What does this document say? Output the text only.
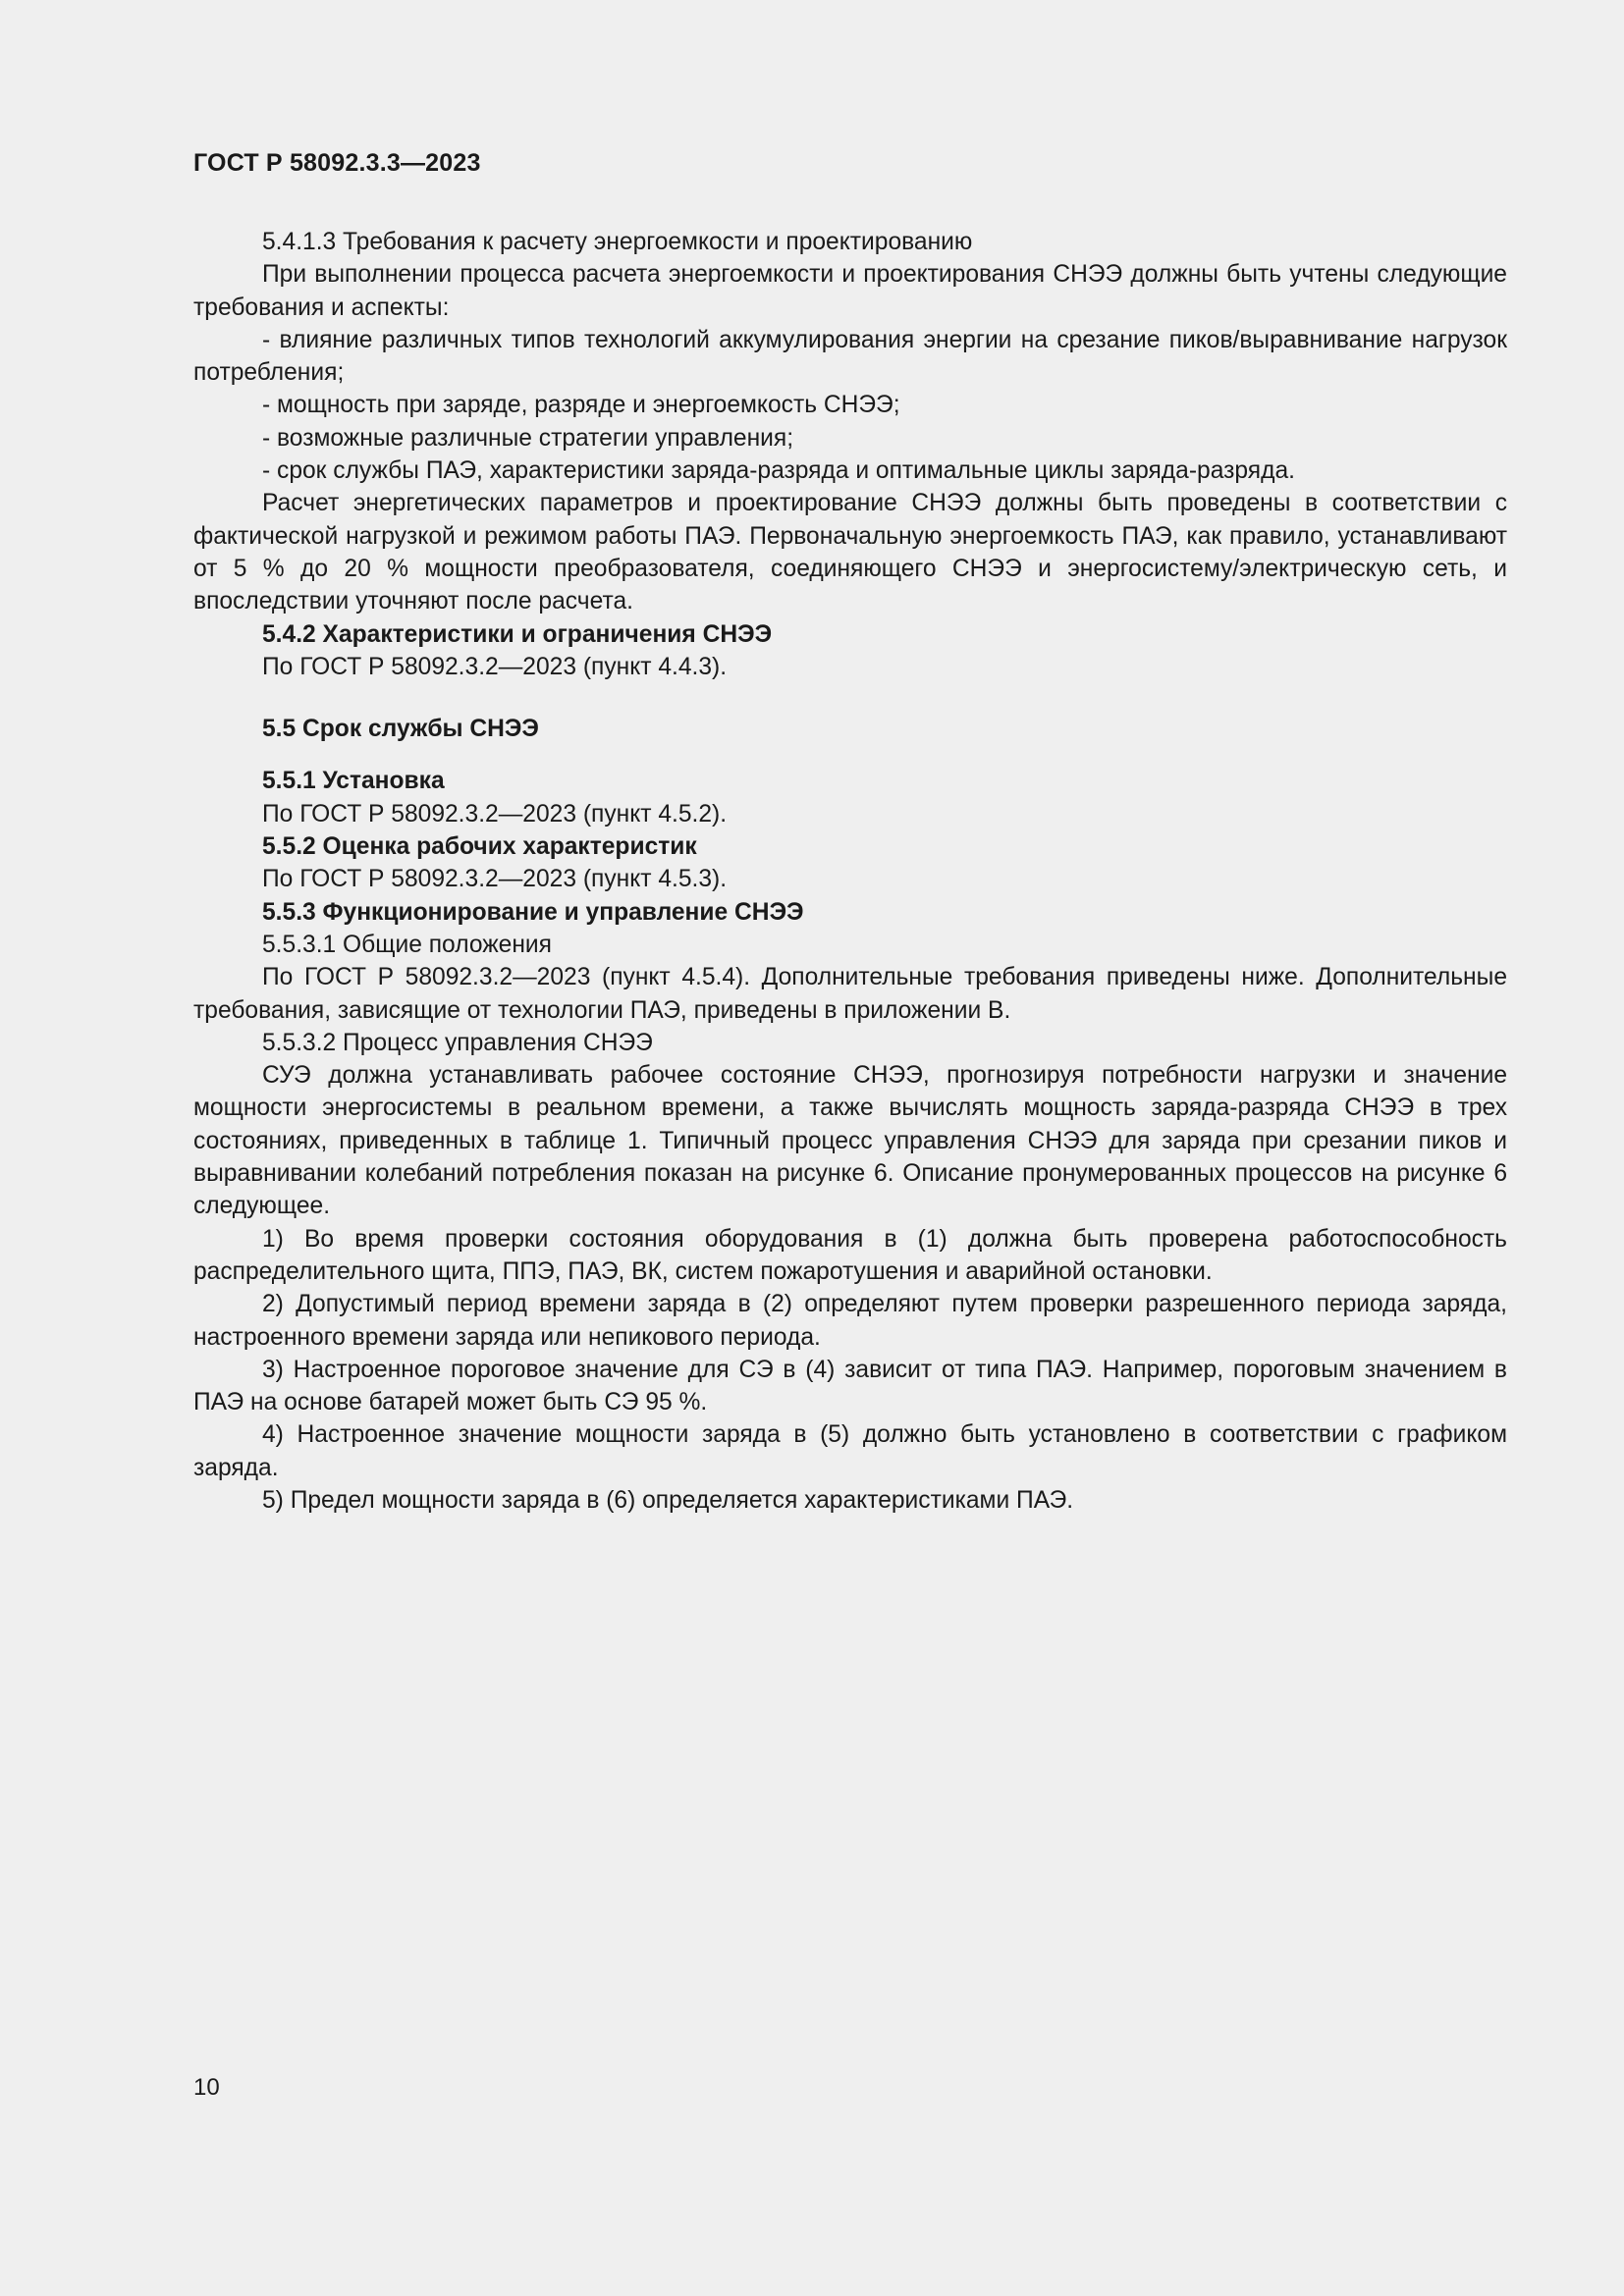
ГОСТ Р 58092.3.3—2023

5.4.1.3 Требования к расчету энергоемкости и проектированию

При выполнении процесса расчета энергоемкости и проектирования СНЭЭ должны быть учтены следующие требования и аспекты:

- влияние различных типов технологий аккумулирования энергии на срезание пиков/выравнивание нагрузок потребления;

- мощность при заряде, разряде и энергоемкость СНЭЭ;

- возможные различные стратегии управления;

- срок службы ПАЭ, характеристики заряда-разряда и оптимальные циклы заряда-разряда.

Расчет энергетических параметров и проектирование СНЭЭ должны быть проведены в соответствии с фактической нагрузкой и режимом работы ПАЭ. Первоначальную энергоемкость ПАЭ, как правило, устанавливают от 5 % до 20 % мощности преобразователя, соединяющего СНЭЭ и энергосистему/электрическую сеть, и впоследствии уточняют после расчета.

5.4.2 Характеристики и ограничения СНЭЭ

По ГОСТ Р 58092.3.2—2023 (пункт 4.4.3).

5.5 Срок службы СНЭЭ

5.5.1 Установка

По ГОСТ Р 58092.3.2—2023 (пункт 4.5.2).

5.5.2 Оценка рабочих характеристик

По ГОСТ Р 58092.3.2—2023 (пункт 4.5.3).

5.5.3 Функционирование и управление СНЭЭ

5.5.3.1 Общие положения

По ГОСТ Р 58092.3.2—2023 (пункт 4.5.4). Дополнительные требования приведены ниже. Дополнительные требования, зависящие от технологии ПАЭ, приведены в приложении В.

5.5.3.2 Процесс управления СНЭЭ

СУЭ должна устанавливать рабочее состояние СНЭЭ, прогнозируя потребности нагрузки и значение мощности энергосистемы в реальном времени, а также вычислять мощность заряда-разряда СНЭЭ в трех состояниях, приведенных в таблице 1. Типичный процесс управления СНЭЭ для заряда при срезании пиков и выравнивании колебаний потребления показан на рисунке 6. Описание пронумерованных процессов на рисунке 6 следующее.

1) Во время проверки состояния оборудования в (1) должна быть проверена работоспособность распределительного щита, ППЭ, ПАЭ, ВК, систем пожаротушения и аварийной остановки.

2) Допустимый период времени заряда в (2) определяют путем проверки разрешенного периода заряда, настроенного времени заряда или непикового периода.

3) Настроенное пороговое значение для СЭ в (4) зависит от типа ПАЭ. Например, пороговым значением в ПАЭ на основе батарей может быть СЭ 95 %.

4) Настроенное значение мощности заряда в (5) должно быть установлено в соответствии с графиком заряда.

5) Предел мощности заряда в (6) определяется характеристиками ПАЭ.

10
